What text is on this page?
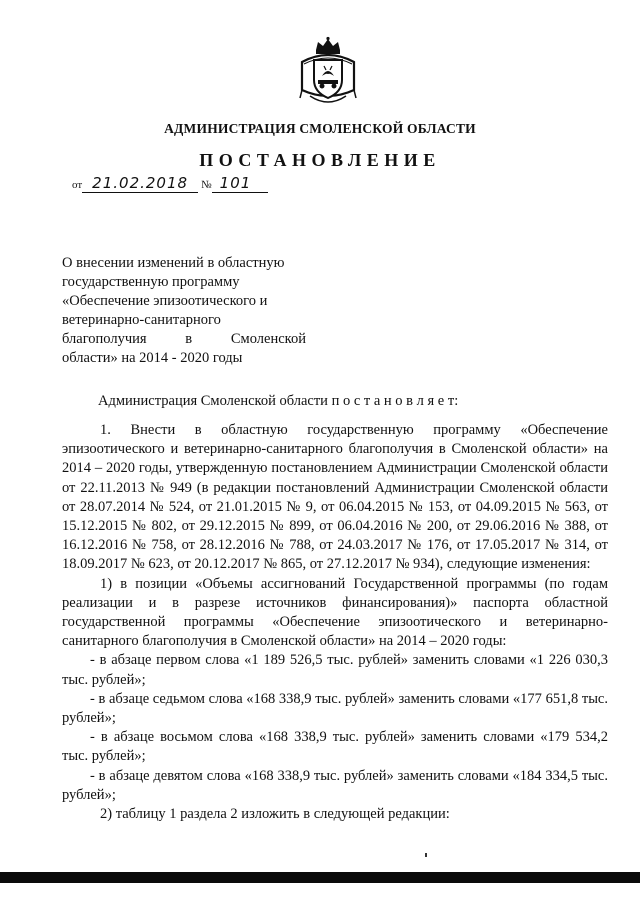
АДМИНИСТРАЦИЯ СМОЛЕНСКОЙ ОБЛАСТИ
ПОСТАНОВЛЕНИЕ
от 21.02.2018 № 101
О внесении изменений в областную
государственную программу
«Обеспечение эпизоотического и
ветеринарно-санитарного
благополучия	в	Смоленской
области» на 2014 - 2020 годы
Администрация Смоленской области п о с т а н о в л я е т:

1. Внести в областную государственную программу «Обеспечение эпизоотического и ветеринарно-санитарного благополучия в Смоленской области» на 2014 – 2020 годы, утвержденную постановлением Администрации Смоленской области от 22.11.2013 № 949 (в редакции постановлений Администрации Смоленской области от 28.07.2014 № 524, от 21.01.2015 № 9, от 06.04.2015 № 153, от 04.09.2015 № 563, от 15.12.2015 № 802, от 29.12.2015 № 899, от 06.04.2016 № 200, от 29.06.2016 № 388, от 16.12.2016 № 758, от 28.12.2016 № 788, от 24.03.2017 № 176, от 17.05.2017 № 314, от 18.09.2017 № 623, от 20.12.2017 № 865, от 27.12.2017 № 934), следующие изменения:

1) в позиции «Объемы ассигнований Государственной программы (по годам реализации и в разрезе источников финансирования)» паспорта областной государственной программы «Обеспечение эпизоотического и ветеринарно-санитарного благополучия в Смоленской области» на 2014 – 2020 годы:

- в абзаце первом слова «1 189 526,5 тыс. рублей» заменить словами «1 226 030,3 тыс. рублей»;

- в абзаце седьмом слова «168 338,9 тыс. рублей» заменить словами «177 651,8 тыс. рублей»;

- в абзаце восьмом слова «168 338,9 тыс. рублей» заменить словами «179 534,2 тыс. рублей»;

- в абзаце девятом слова «168 338,9 тыс. рублей» заменить словами «184 334,5 тыс. рублей»;

2) таблицу 1 раздела 2 изложить в следующей редакции:
